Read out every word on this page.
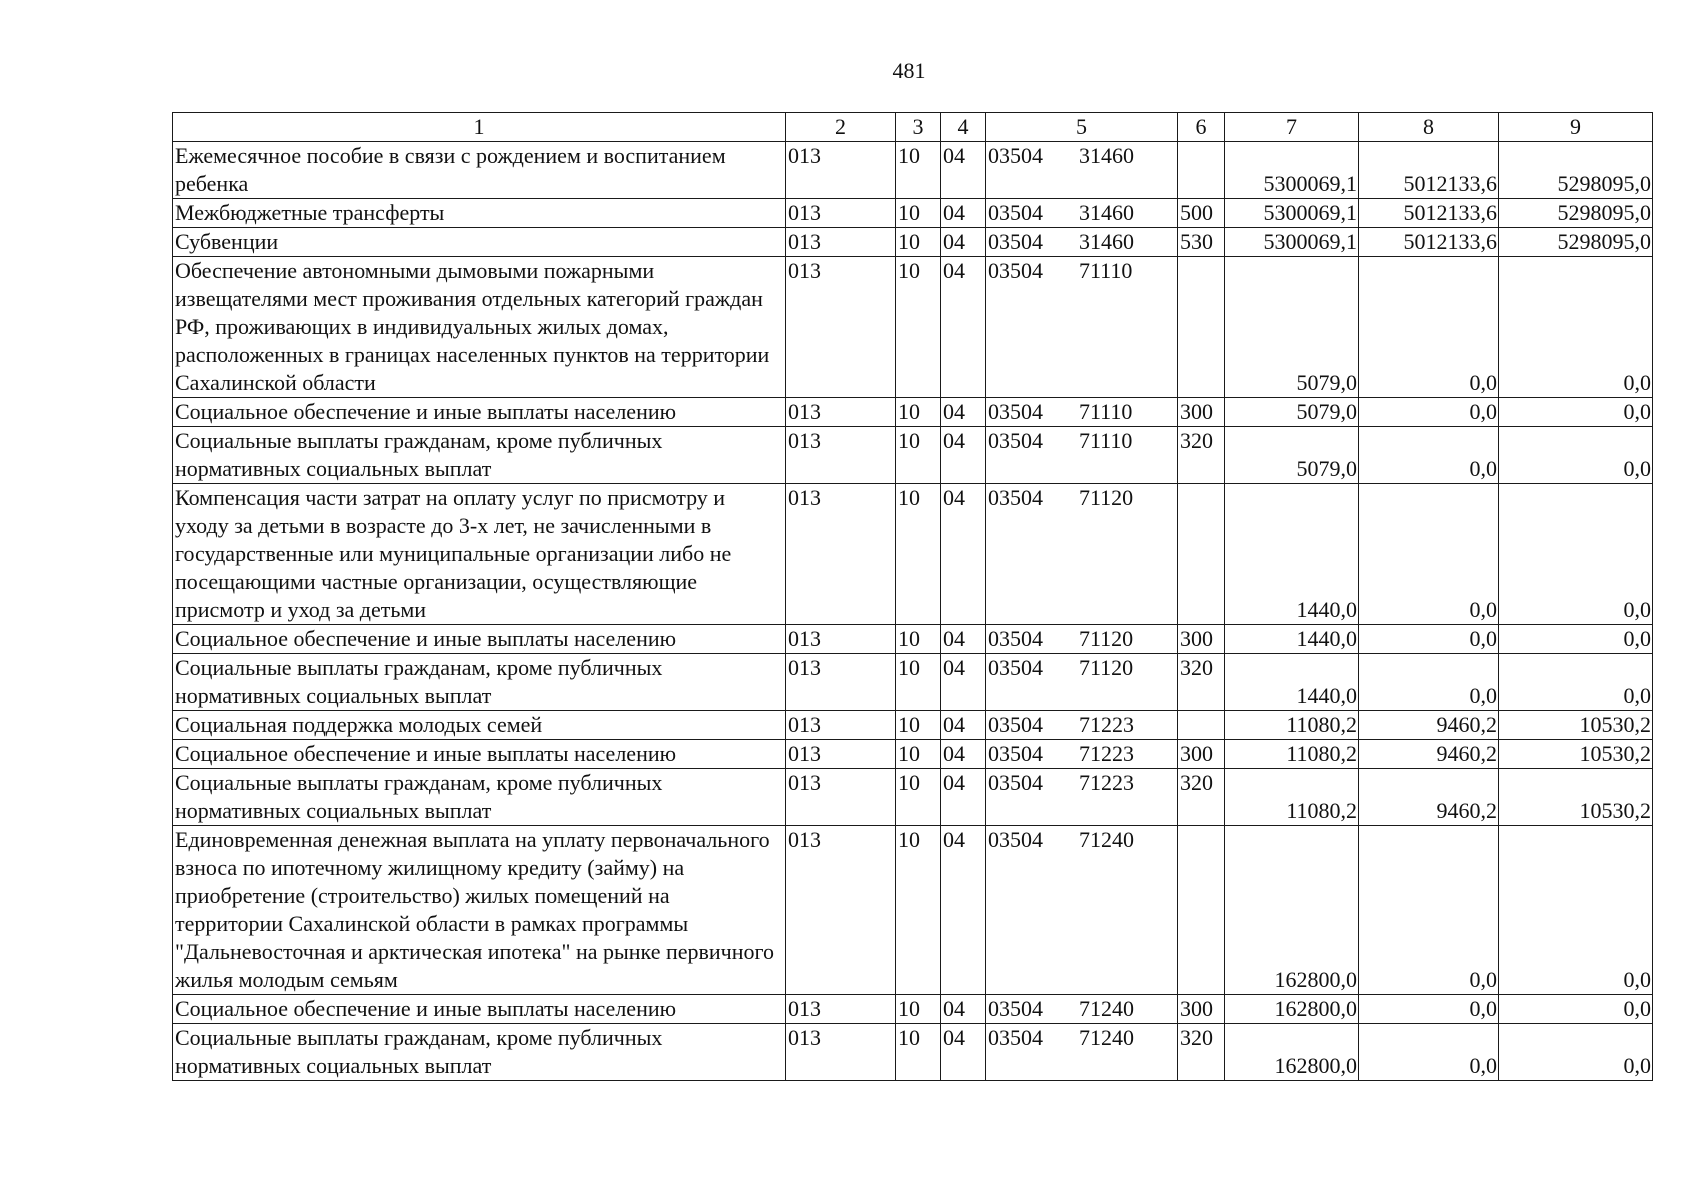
481
1	2	3	4	5	6	7	8	9
Ежемесячное пособие в связи с рождением и воспитанием ребенка	013	10	04	03504 31460		5300069,1	5012133,6	5298095,0
Межбюджетные трансферты	013	10	04	03504 31460	500	5300069,1	5012133,6	5298095,0
Субвенции	013	10	04	03504 31460	530	5300069,1	5012133,6	5298095,0
Обеспечение автономными дымовыми пожарными извещателями мест проживания отдельных категорий граждан РФ, проживающих в индивидуальных жилых домах, расположенных в границах населенных пунктов на территории Сахалинской области	013	10	04	03504 71110		5079,0	0,0	0,0
Социальное обеспечение и иные выплаты населению	013	10	04	03504 71110	300	5079,0	0,0	0,0
Социальные выплаты гражданам, кроме публичных нормативных социальных выплат	013	10	04	03504 71110	320	5079,0	0,0	0,0
Компенсация части затрат на оплату услуг по присмотру и уходу за детьми в возрасте до 3-х лет, не зачисленными в государственные или муниципальные организации либо не посещающими частные организации, осуществляющие присмотр и уход за детьми	013	10	04	03504 71120		1440,0	0,0	0,0
Социальное обеспечение и иные выплаты населению	013	10	04	03504 71120	300	1440,0	0,0	0,0
Социальные выплаты гражданам, кроме публичных нормативных социальных выплат	013	10	04	03504 71120	320	1440,0	0,0	0,0
Социальная поддержка молодых семей	013	10	04	03504 71223		11080,2	9460,2	10530,2
Социальное обеспечение и иные выплаты населению	013	10	04	03504 71223	300	11080,2	9460,2	10530,2
Социальные выплаты гражданам, кроме публичных нормативных социальных выплат	013	10	04	03504 71223	320	11080,2	9460,2	10530,2
Единовременная денежная выплата на уплату первоначального взноса по ипотечному жилищному кредиту (займу) на приобретение (строительство) жилых помещений на территории Сахалинской области в рамках программы "Дальневосточная и арктическая ипотека" на рынке первичного жилья молодым семьям	013	10	04	03504 71240		162800,0	0,0	0,0
Социальное обеспечение и иные выплаты населению	013	10	04	03504 71240	300	162800,0	0,0	0,0
Социальные выплаты гражданам, кроме публичных нормативных социальных выплат	013	10	04	03504 71240	320	162800,0	0,0	0,0
